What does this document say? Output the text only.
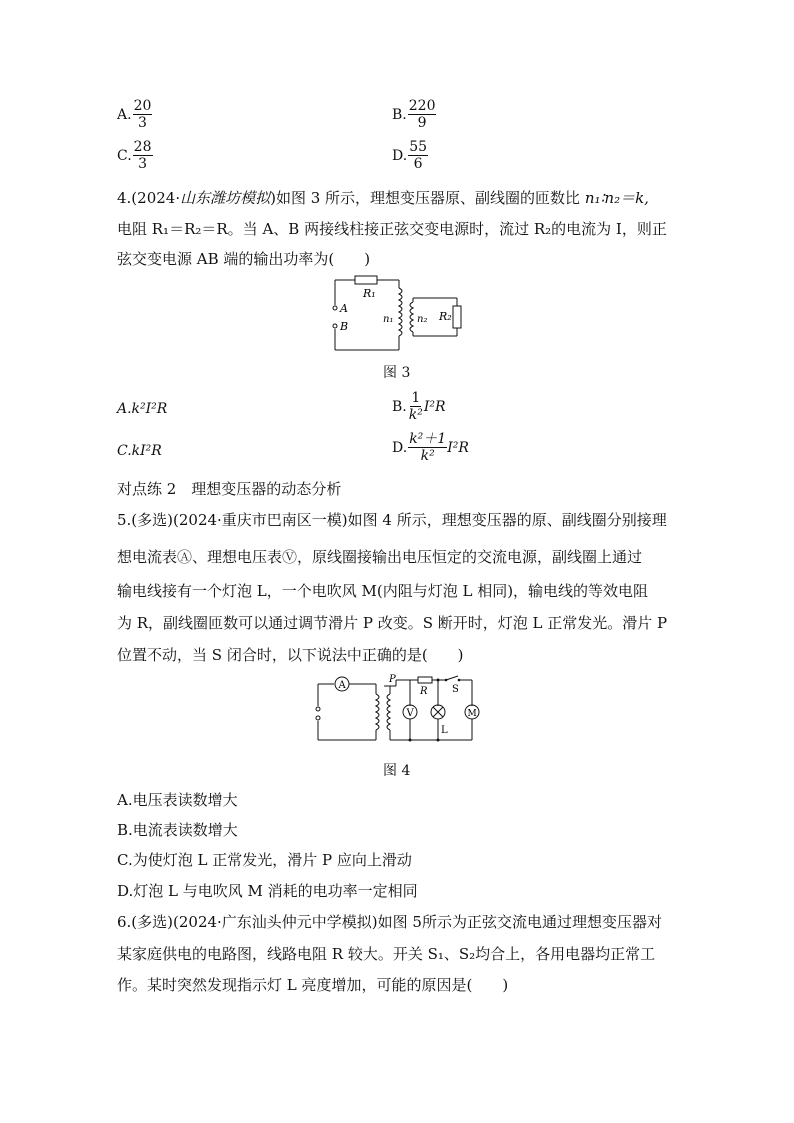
A. $\frac{20}{3}$	B. $\frac{220}{9}$
C. $\frac{28}{3}$	D. $\frac{55}{6}$
4.(2024·山东潍坊模拟)如图 3 所示，理想变压器原、副线圈的匝数比 n₁∶n₂＝k,
电阻 R₁＝R₂＝R。当 A、B 两接线柱接正弦交变电源时，流过 R₂的电流为 I，则正
弦交变电源 AB 端的输出功率为(　　)
R₁
A
B
n₁ n₂ R₂
图 3
A.k²I²R	B. $\frac{1}{\text{k²}} I^2R$
C.kI²R	D. $\frac{\text{k²＋1}}{\text{k²}} I^2R$
对点练 2　理想变压器的动态分析
5.(多选)(2024·重庆市巴南区一模)如图 4 所示，理想变压器的原、副线圈分别接理
想电流表Ⓐ、理想电压表Ⓥ，原线圈接输出电压恒定的交流电源，副线圈上通过
输电线接有一个灯泡 L，一个电吹风 M(内阻与灯泡 L 相同)，输电线的等效电阻
为 R，副线圈匝数可以通过调节滑片 P 改变。S 断开时，灯泡 L 正常发光。滑片 P
位置不动，当 S 闭合时，以下说法中正确的是(　　)
A
P
R S
V	M
L
图 4
A.电压表读数增大
B.电流表读数增大
C.为使灯泡 L 正常发光，滑片 P 应向上滑动
D.灯泡 L 与电吹风 M 消耗的电功率一定相同
6.(多选)(2024·广东汕头仲元中学模拟)如图 5所示为正弦交流电通过理想变压器对
某家庭供电的电路图，线路电阻 R 较大。开关 S₁、S₂均合上，各用电器均正常工
作。某时突然发现指示灯 L 亮度增加，可能的原因是(　　)
